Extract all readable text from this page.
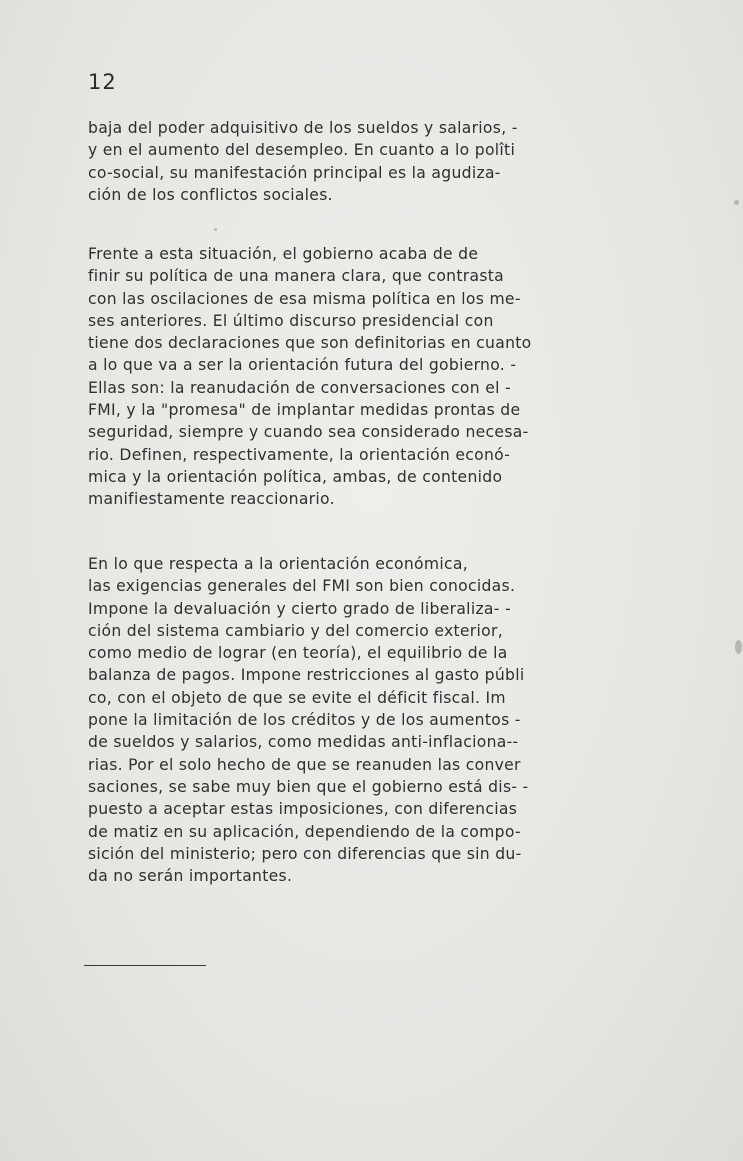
12
baja del poder adquisitivo de los sueldos y salarios, -
y en el aumento del desempleo. En cuanto a lo polîti
co-social, su manifestación principal es la agudiza-
ción de los conflictos sociales.
Frente a esta situación, el gobierno acaba de de
finir su política de una manera clara, que contrasta
con las oscilaciones de esa misma política en los me-
ses anteriores. El último discurso presidencial con
tiene dos declaraciones que son definitorias en cuanto
a lo que va a ser la orientación futura del gobierno. -
Ellas son: la reanudación de conversaciones con el -
FMI, y la "promesa" de implantar medidas prontas de
seguridad, siempre y cuando sea considerado necesa-
rio. Definen, respectivamente, la orientación econó-
mica y la orientación política, ambas, de contenido
manifiestamente reaccionario.
En lo que respecta a la orientación económica,
las exigencias generales del FMI son bien conocidas.
Impone la devaluación y cierto grado de liberaliza- -
ción del sistema cambiario y del comercio exterior,
como medio de lograr (en teoría), el equilibrio de la
balanza de pagos. Impone restricciones al gasto públi
co, con el objeto de que se evite el déficit fiscal. Im
pone la limitación de los créditos y de los aumentos -
de sueldos y salarios, como medidas anti-inflaciona--
rias. Por el solo hecho de que se reanuden las conver
saciones, se sabe muy bien que el gobierno está dis- -
puesto a aceptar estas imposiciones, con diferencias
de matiz en su aplicación, dependiendo de la compo-
sición del ministerio; pero con diferencias que sin du-
da no serán importantes.
